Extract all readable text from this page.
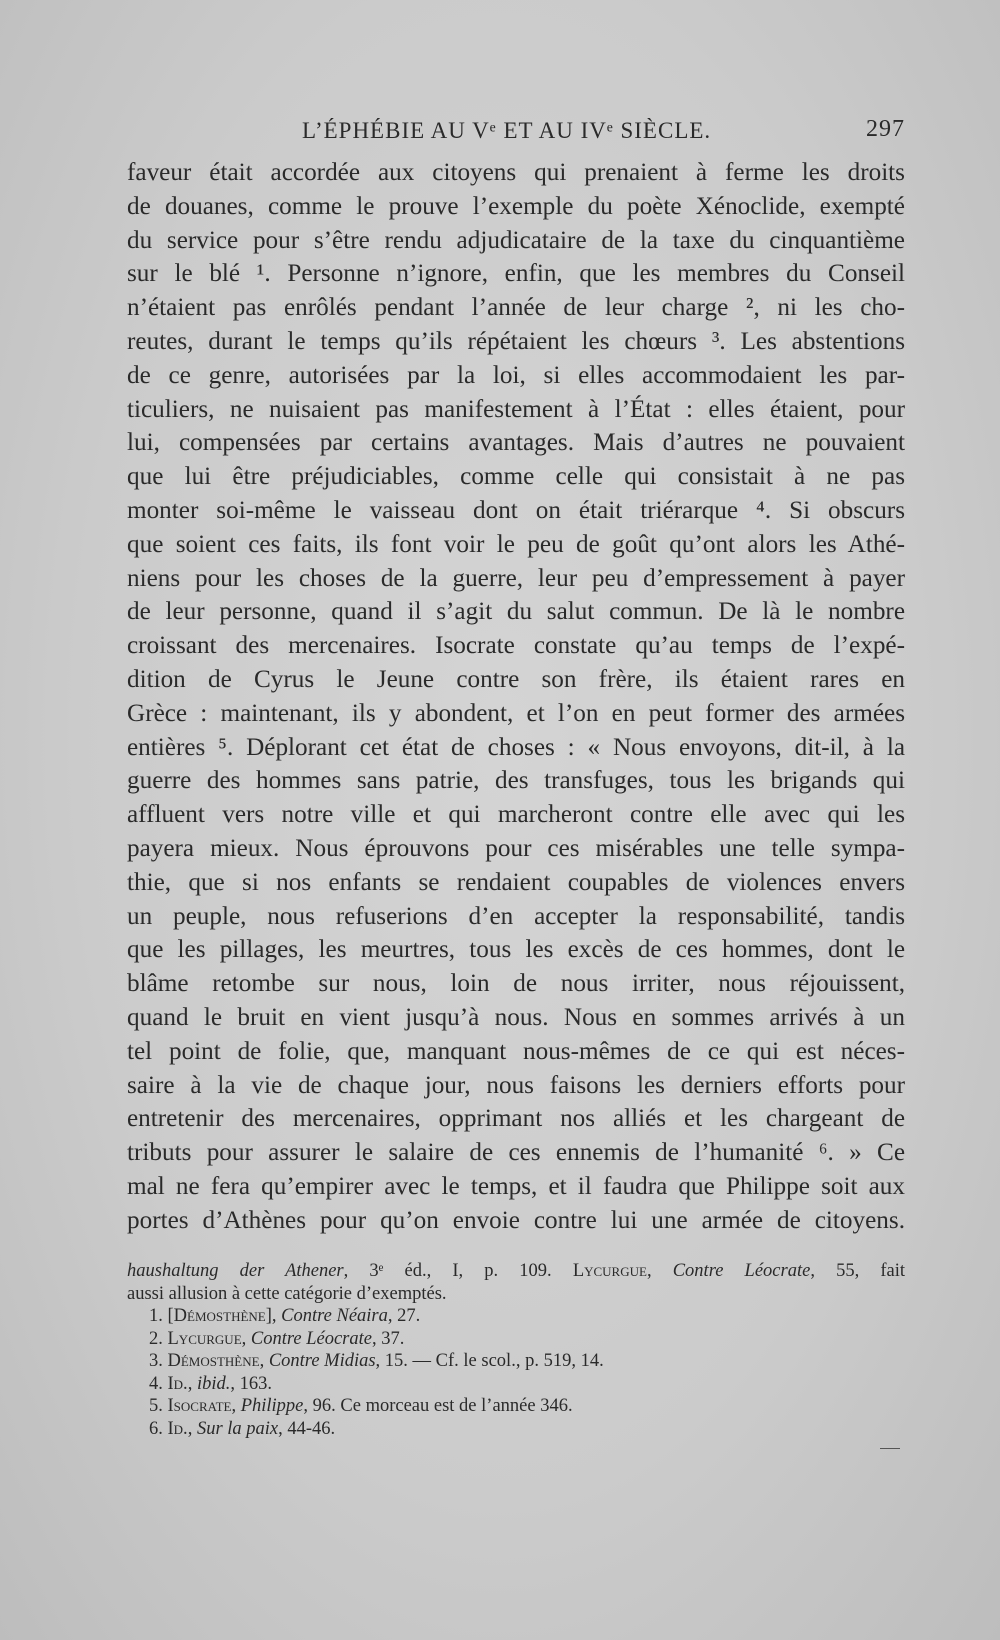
L’ÉPHÉBIE AU Vᵉ ET AU IVᵉ SIÈCLE.	297
faveur était accordée aux citoyens qui prenaient à ferme les droits
de douanes, comme le prouve l’exemple du poète Xénoclide, exempté
du service pour s’être rendu adjudicataire de la taxe du cinquantième
sur le blé ¹. Personne n’ignore, enfin, que les membres du Conseil
n’étaient pas enrôlés pendant l’année de leur charge ², ni les cho-
reutes, durant le temps qu’ils répétaient les chœurs ³. Les abstentions
de ce genre, autorisées par la loi, si elles accommodaient les par-
ticuliers, ne nuisaient pas manifestement à l’État : elles étaient, pour
lui, compensées par certains avantages. Mais d’autres ne pouvaient
que lui être préjudiciables, comme celle qui consistait à ne pas
monter soi-même le vaisseau dont on était triérarque ⁴. Si obscurs
que soient ces faits, ils font voir le peu de goût qu’ont alors les Athé-
niens pour les choses de la guerre, leur peu d’empressement à payer
de leur personne, quand il s’agit du salut commun. De là le nombre
croissant des mercenaires. Isocrate constate qu’au temps de l’expé-
dition de Cyrus le Jeune contre son frère, ils étaient rares en
Grèce : maintenant, ils y abondent, et l’on en peut former des armées
entières ⁵. Déplorant cet état de choses : « Nous envoyons, dit-il, à la
guerre des hommes sans patrie, des transfuges, tous les brigands qui
affluent vers notre ville et qui marcheront contre elle avec qui les
payera mieux. Nous éprouvons pour ces misérables une telle sympa-
thie, que si nos enfants se rendaient coupables de violences envers
un peuple, nous refuserions d’en accepter la responsabilité, tandis
que les pillages, les meurtres, tous les excès de ces hommes, dont le
blâme retombe sur nous, loin de nous irriter, nous réjouissent,
quand le bruit en vient jusqu’à nous. Nous en sommes arrivés à un
tel point de folie, que, manquant nous-mêmes de ce qui est néces-
saire à la vie de chaque jour, nous faisons les derniers efforts pour
entretenir des mercenaires, opprimant nos alliés et les chargeant de
tributs pour assurer le salaire de ces ennemis de l’humanité ⁶. » Ce
mal ne fera qu’empirer avec le temps, et il faudra que Philippe soit aux
portes d’Athènes pour qu’on envoie contre lui une armée de citoyens.
haushaltung der Athener, 3ᵉ éd., I, p. 109. Lycurgue, Contre Léocrate, 55, fait
aussi allusion à cette catégorie d’exemptés.
1. [Démosthène], Contre Néaira, 27.
2. Lycurgue, Contre Léocrate, 37.
3. Démosthène, Contre Midias, 15. — Cf. le scol., p. 519, 14.
4. Id., ibid., 163.
5. Isocrate, Philippe, 96. Ce morceau est de l’année 346.
6. Id., Sur la paix, 44-46.
